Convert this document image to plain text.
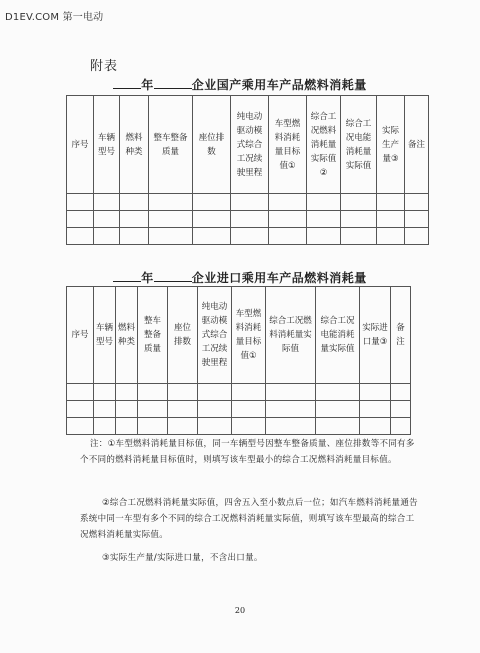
D1EV.COM 第一电动
附表
年	企业国产乘用车产品燃料消耗量
序号	车辆型号	燃料种类	整车整备质量	座位排数	纯电动驱动模式综合工况续驶里程	车型燃料消耗量目标值①	综合工况燃料消耗量实际值②	综合工况电能消耗量实际值	实际生产量③	备注

年	企业进口乘用车产品燃料消耗量
序号	车辆型号	燃料种类	整车整备质量	座位排数	纯电动驱动模式综合工况续驶里程	车型燃料消耗量目标值①	综合工况燃料消耗量实际值	综合工况电能消耗量实际值	实际进口量③	备注

注：①车型燃料消耗量目标值，同一车辆型号因整车整备质量、座位排数等不同有多个不同的燃料消耗量目标值时，则填写该车型最小的综合工况燃料消耗量目标值。
②综合工况燃料消耗量实际值，四舍五入至小数点后一位；如汽车燃料消耗量通告系统中同一车型有多个不同的综合工况燃料消耗量实际值，则填写该车型最高的综合工况燃料消耗量实际值。
③实际生产量/实际进口量，不含出口量。
20
